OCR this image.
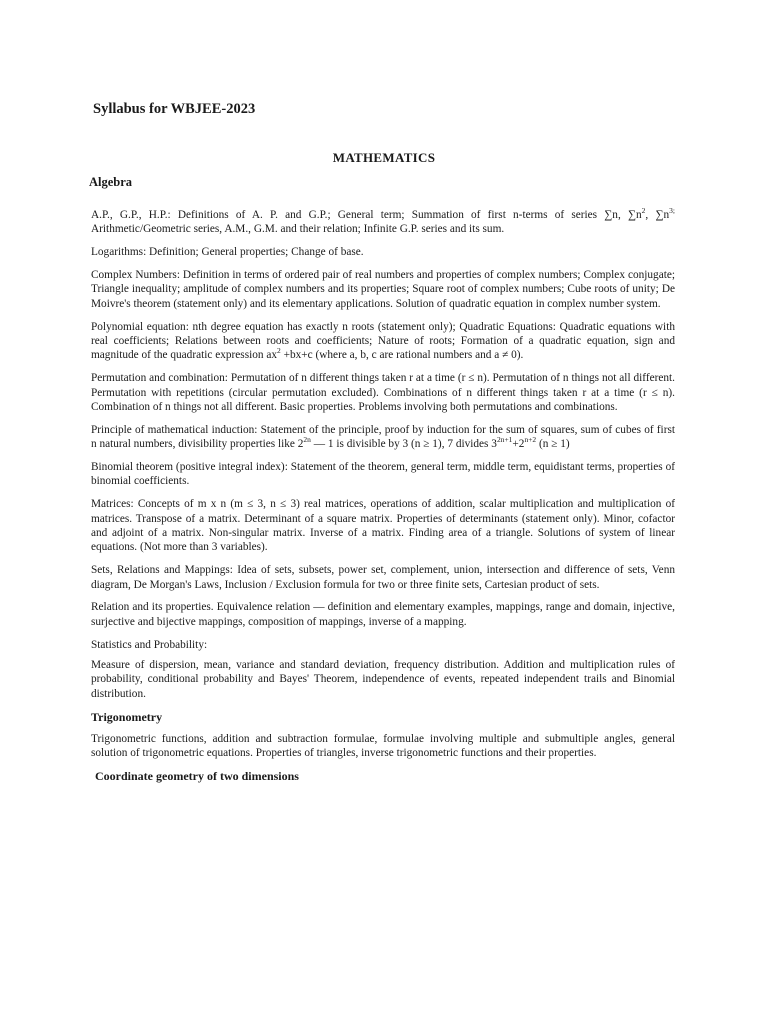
Syllabus for WBJEE-2023
MATHEMATICS
Algebra

A.P., G.P., H.P.: Definitions of A. P. and G.P.; General term; Summation of first n-terms of series ∑n, $\sum n^2$, $\sum n^{3;}$ Arithmetic/Geometric series, A.M., G.M. and their relation; Infinite G.P. series and its sum.

Logarithms: Definition; General properties; Change of base.

Complex Numbers: Definition in terms of ordered pair of real numbers and properties of complex numbers; Complex conjugate; Triangle inequality; amplitude of complex numbers and its properties; Square root of complex numbers; Cube roots of unity; De Moivre's theorem (statement only) and its elementary applications. Solution of quadratic equation in complex number system.

Polynomial equation: nth degree equation has exactly n roots (statement only); Quadratic Equations: Quadratic equations with real coefficients; Relations between roots and coefficients; Nature of roots; Formation of a quadratic equation, sign and magnitude of the quadratic expression $ax^2 +bx+c$ (where a, b, c are rational numbers and a ≠ 0).

Permutation and combination: Permutation of n different things taken r at a time (r ≤ n). Permutation of n things not all different. Permutation with repetitions (circular permutation excluded). Combinations of n different things taken r at a time (r ≤ n). Combination of n things not all different. Basic properties. Problems involving both permutations and combinations.

Principle of mathematical induction: Statement of the principle, proof by induction for the sum of squares, sum of cubes of first n natural numbers, divisibility properties like $2^{2n}$ — 1 is divisible by 3 (n ≥ 1), 7 divides $3^{2n+1}+2^{n+2}$ (n ≥ 1)

Binomial theorem (positive integral index): Statement of the theorem, general term, middle term, equidistant terms, properties of binomial coefficients.

Matrices: Concepts of m x n (m ≤ 3, n ≤ 3) real matrices, operations of addition, scalar multiplication and multiplication of matrices. Transpose of a matrix. Determinant of a square matrix. Properties of determinants (statement only). Minor, cofactor and adjoint of a matrix. Non-singular matrix. Inverse of a matrix. Finding area of a triangle. Solutions of system of linear equations. (Not more than 3 variables).

Sets, Relations and Mappings: Idea of sets, subsets, power set, complement, union, intersection and difference of sets, Venn diagram, De Morgan's Laws, Inclusion / Exclusion formula for two or three finite sets, Cartesian product of sets.

Relation and its properties. Equivalence relation — definition and elementary examples, mappings, range and domain, injective, surjective and bijective mappings, composition of mappings, inverse of a mapping.

Statistics and Probability:

Measure of dispersion, mean, variance and standard deviation, frequency distribution. Addition and multiplication rules of probability, conditional probability and Bayes' Theorem, independence of events, repeated independent trails and Binomial distribution.

Trigonometry

Trigonometric functions, addition and subtraction formulae, formulae involving multiple and submultiple angles, general solution of trigonometric equations. Properties of triangles, inverse trigonometric functions and their properties.

Coordinate geometry of two dimensions
